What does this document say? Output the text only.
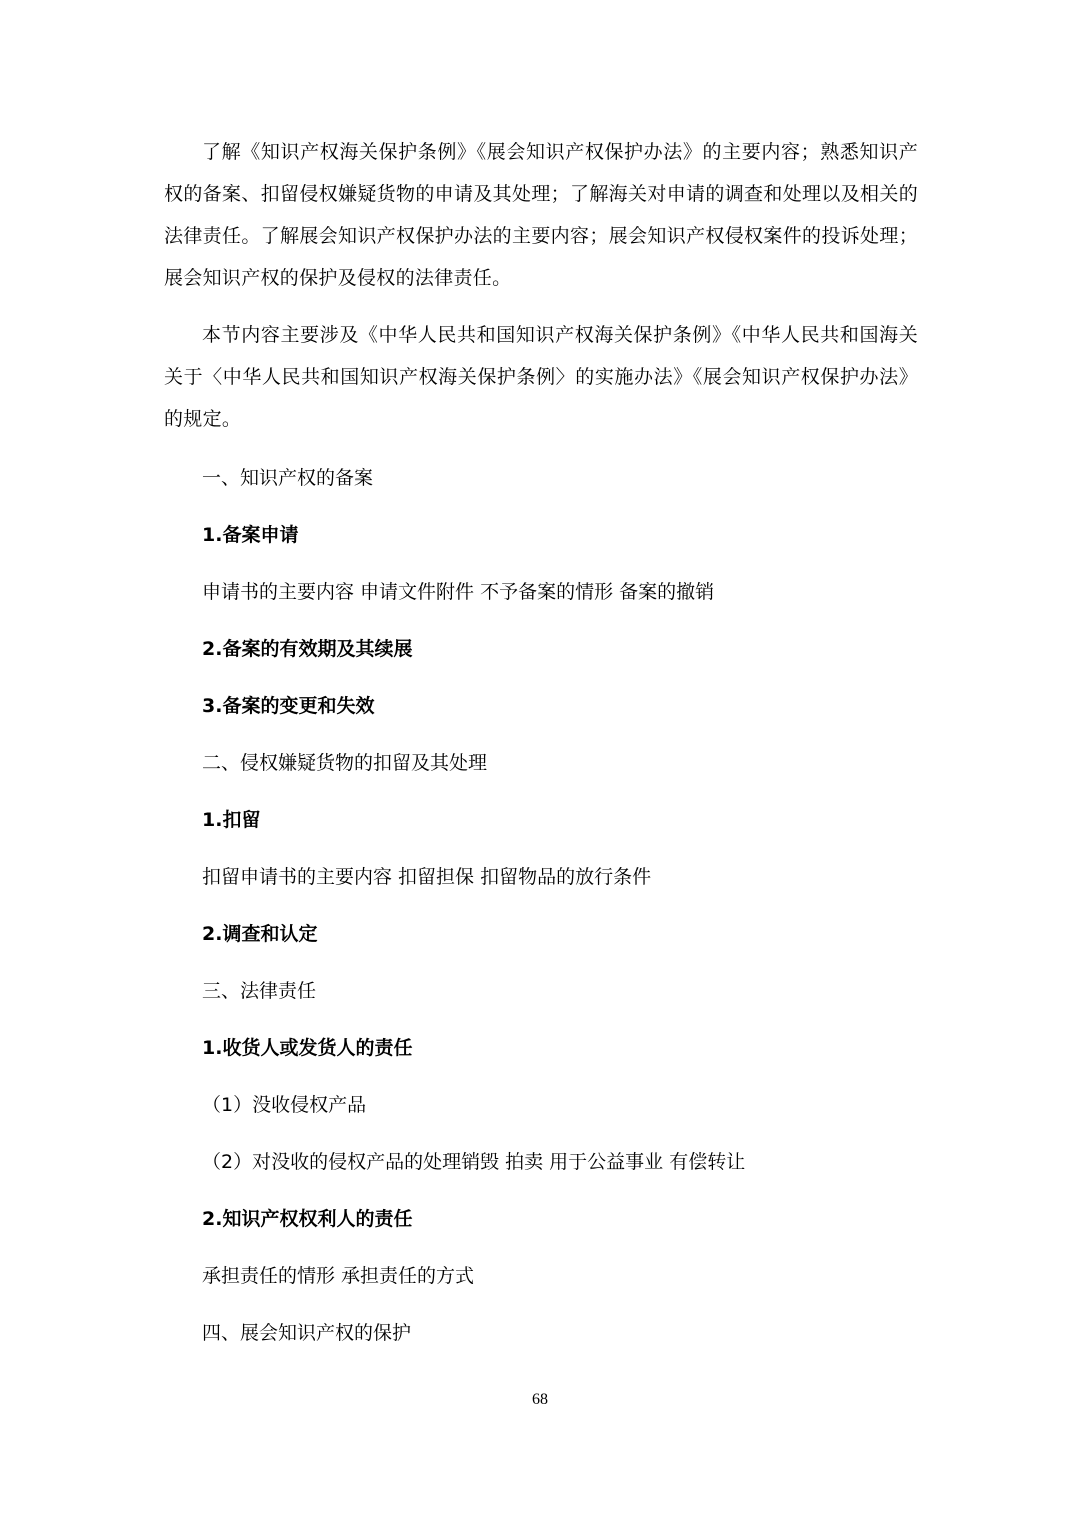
了解《知识产权海关保护条例》《展会知识产权保护办法》的主要内容；熟悉知识产权的备案、扣留侵权嫌疑货物的申请及其处理；了解海关对申请的调查和处理以及相关的法律责任。了解展会知识产权保护办法的主要内容；展会知识产权侵权案件的投诉处理；展会知识产权的保护及侵权的法律责任。

本节内容主要涉及《中华人民共和国知识产权海关保护条例》《中华人民共和国海关关于〈中华人民共和国知识产权海关保护条例〉的实施办法》《展会知识产权保护办法》的规定。

一、知识产权的备案

1.备案申请

申请书的主要内容 申请文件附件 不予备案的情形 备案的撤销

2.备案的有效期及其续展

3.备案的变更和失效

二、侵权嫌疑货物的扣留及其处理

1.扣留

扣留申请书的主要内容 扣留担保 扣留物品的放行条件

2.调查和认定

三、法律责任

1.收货人或发货人的责任

（1）没收侵权产品

（2）对没收的侵权产品的处理销毁 拍卖 用于公益事业 有偿转让

2.知识产权权利人的责任

承担责任的情形 承担责任的方式

四、展会知识产权的保护

68
